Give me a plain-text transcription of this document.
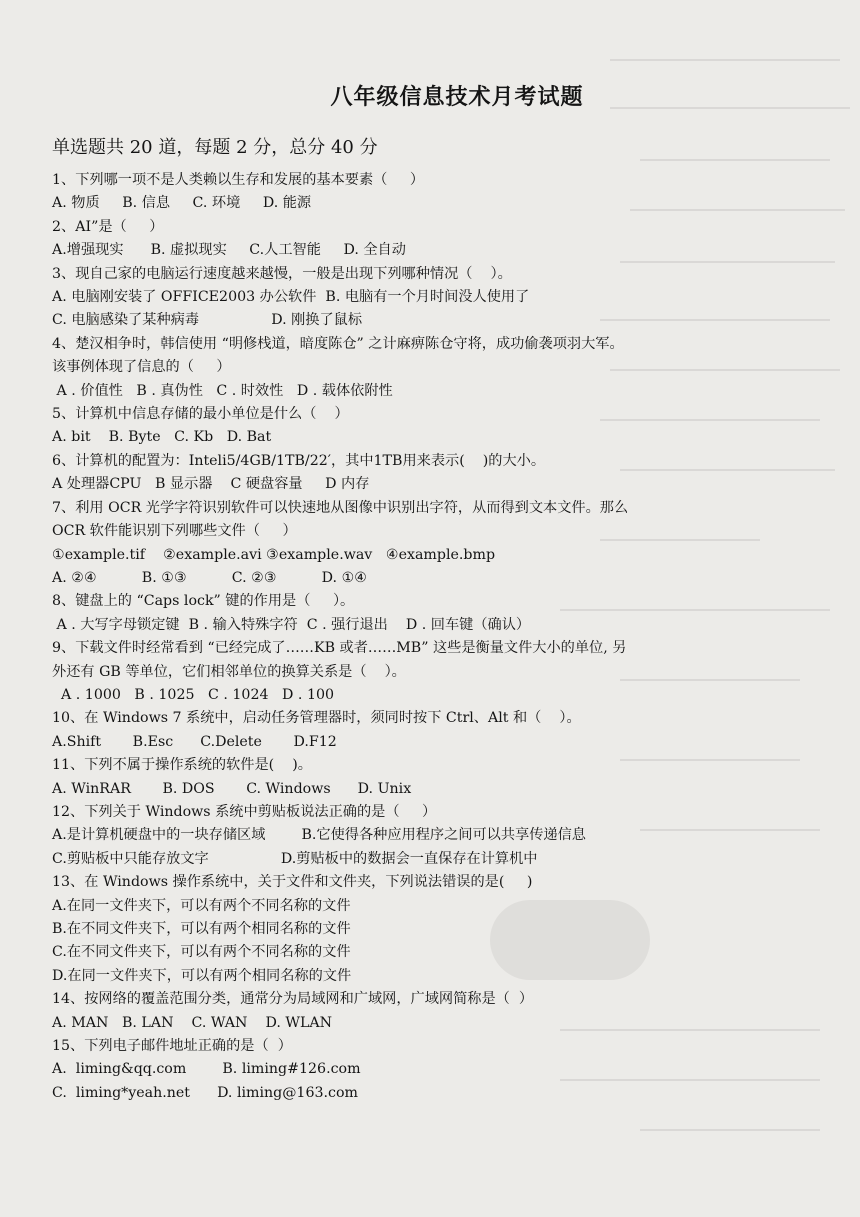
八年级信息技术月考试题
单选题共 20 道，每题 2 分，总分 40 分
1、下列哪一项不是人类赖以生存和发展的基本要素（     ）
A. 物质     B. 信息     C. 环境     D. 能源
2、AI”是（     ）
A.增强现实      B. 虚拟现实     C.人工智能     D. 全自动
3、现自己家的电脑运行速度越来越慢，一般是出现下列哪种情况（    ）。
A. 电脑刚安装了 OFFICE2003 办公软件  B. 电脑有一个月时间没人使用了
C. 电脑感染了某种病毒                D. 刚换了鼠标
4、楚汉相争时，韩信使用 “明修栈道，暗度陈仓” 之计麻痹陈仓守将，成功偷袭项羽大军。
该事例体现了信息的（     ）
A . 价值性   B . 真伪性   C . 时效性   D . 载体依附性
5、计算机中信息存储的最小单位是什么（    ）
A. bit    B. Byte   C. Kb   D. Bat
6、计算机的配置为：Inteli5/4GB/1TB/22′，其中1TB用来表示(    )的大小。
A 处理器CPU   B 显示器    C 硬盘容量     D 内存
7、利用 OCR 光学字符识别软件可以快速地从图像中识别出字符，从而得到文本文件。那么
OCR 软件能识别下列哪些文件（     ）
①example.tif    ②example.avi ③example.wav   ④example.bmp
A. ②④          B. ①③          C. ②③          D. ①④
8、键盘上的 “Caps lock” 键的作用是（     ）。
A . 大写字母锁定键  B . 输入特殊字符  C . 强行退出    D . 回车键（确认）
9、下载文件时经常看到 “已经完成了……KB 或者……MB” 这些是衡量文件大小的单位, 另
外还有 GB 等单位，它们相邻单位的换算关系是（    ）。
A . 1000   B . 1025   C . 1024   D . 100
10、在 Windows 7 系统中，启动任务管理器时，须同时按下 Ctrl、Alt 和（    ）。
A.Shift       B.Esc      C.Delete       D.F12
11、下列不属于操作系统的软件是(    )。
A. WinRAR       B. DOS       C. Windows      D. Unix
12、下列关于 Windows 系统中剪贴板说法正确的是（     ）
A.是计算机硬盘中的一块存储区域        B.它使得各种应用程序之间可以共享传递信息
C.剪贴板中只能存放文字                D.剪贴板中的数据会一直保存在计算机中
13、在 Windows 操作系统中，关于文件和文件夹，下列说法错误的是(     )
A.在同一文件夹下，可以有两个不同名称的文件
B.在不同文件夹下，可以有两个相同名称的文件
C.在不同文件夹下，可以有两个不同名称的文件
D.在同一文件夹下，可以有两个相同名称的文件
14、按网络的覆盖范围分类，通常分为局域网和广域网，广域网简称是（  ）
A. MAN   B. LAN    C. WAN    D. WLAN
15、下列电子邮件地址正确的是（  ）
A.  liming&qq.com        B. liming#126.com
C.  liming*yeah.net      D. liming@163.com
